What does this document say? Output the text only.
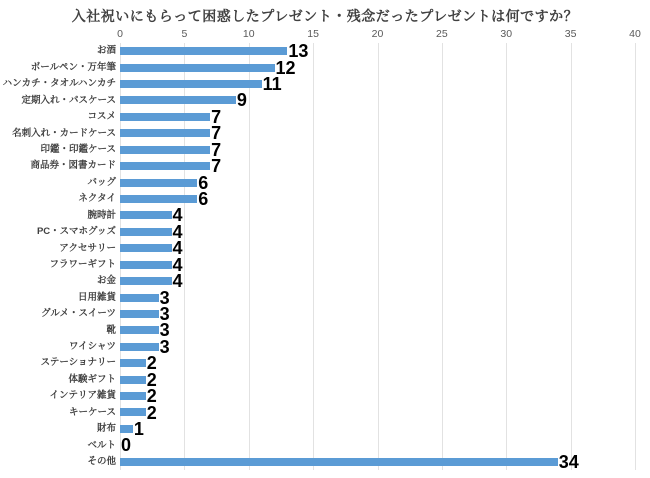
入社祝いにもらって困惑したプレゼント・残念だったプレゼントは何ですか？
0	5	10	15	20	25	30	35	40
お酒	13
ボールペン・万年筆	12
ハンカチ・タオルハンカチ	11
定期入れ・パスケース	9
コスメ	7
名刺入れ・カードケース	7
印鑑・印鑑ケース	7
商品券・図書カード	7
バッグ	6
ネクタイ	6
腕時計	4
PC・スマホグッズ	4
アクセサリー	4
フラワーギフト	4
お金	4
日用雑貨 3
グルメ・スイーツ 3
靴 3
ワイシャツ 3
ステーショナリー 2
体験ギフト 2
インテリア雑貨 2
キーケース 2
財布 1
ベルト 0
その他	34
